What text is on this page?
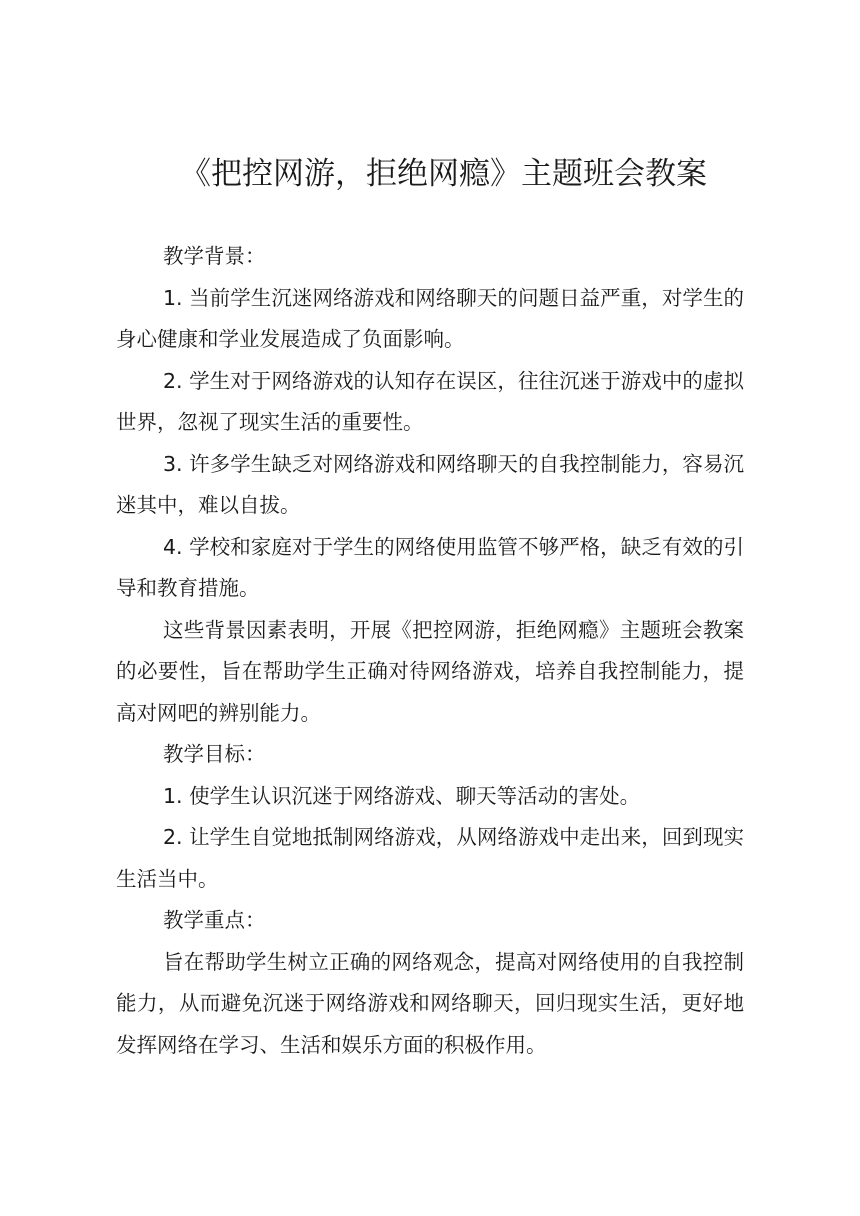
《把控网游，拒绝网瘾》主题班会教案

教学背景：

1. 当前学生沉迷网络游戏和网络聊天的问题日益严重，对学生的身心健康和学业发展造成了负面影响。

2. 学生对于网络游戏的认知存在误区，往往沉迷于游戏中的虚拟世界，忽视了现实生活的重要性。

3. 许多学生缺乏对网络游戏和网络聊天的自我控制能力，容易沉迷其中，难以自拔。

4. 学校和家庭对于学生的网络使用监管不够严格，缺乏有效的引导和教育措施。

这些背景因素表明，开展《把控网游，拒绝网瘾》主题班会教案的必要性，旨在帮助学生正确对待网络游戏，培养自我控制能力，提高对网吧的辨别能力。

教学目标：

1. 使学生认识沉迷于网络游戏、聊天等活动的害处。

2. 让学生自觉地抵制网络游戏，从网络游戏中走出来，回到现实生活当中。

教学重点：

旨在帮助学生树立正确的网络观念，提高对网络使用的自我控制能力，从而避免沉迷于网络游戏和网络聊天，回归现实生活，更好地发挥网络在学习、生活和娱乐方面的积极作用。
